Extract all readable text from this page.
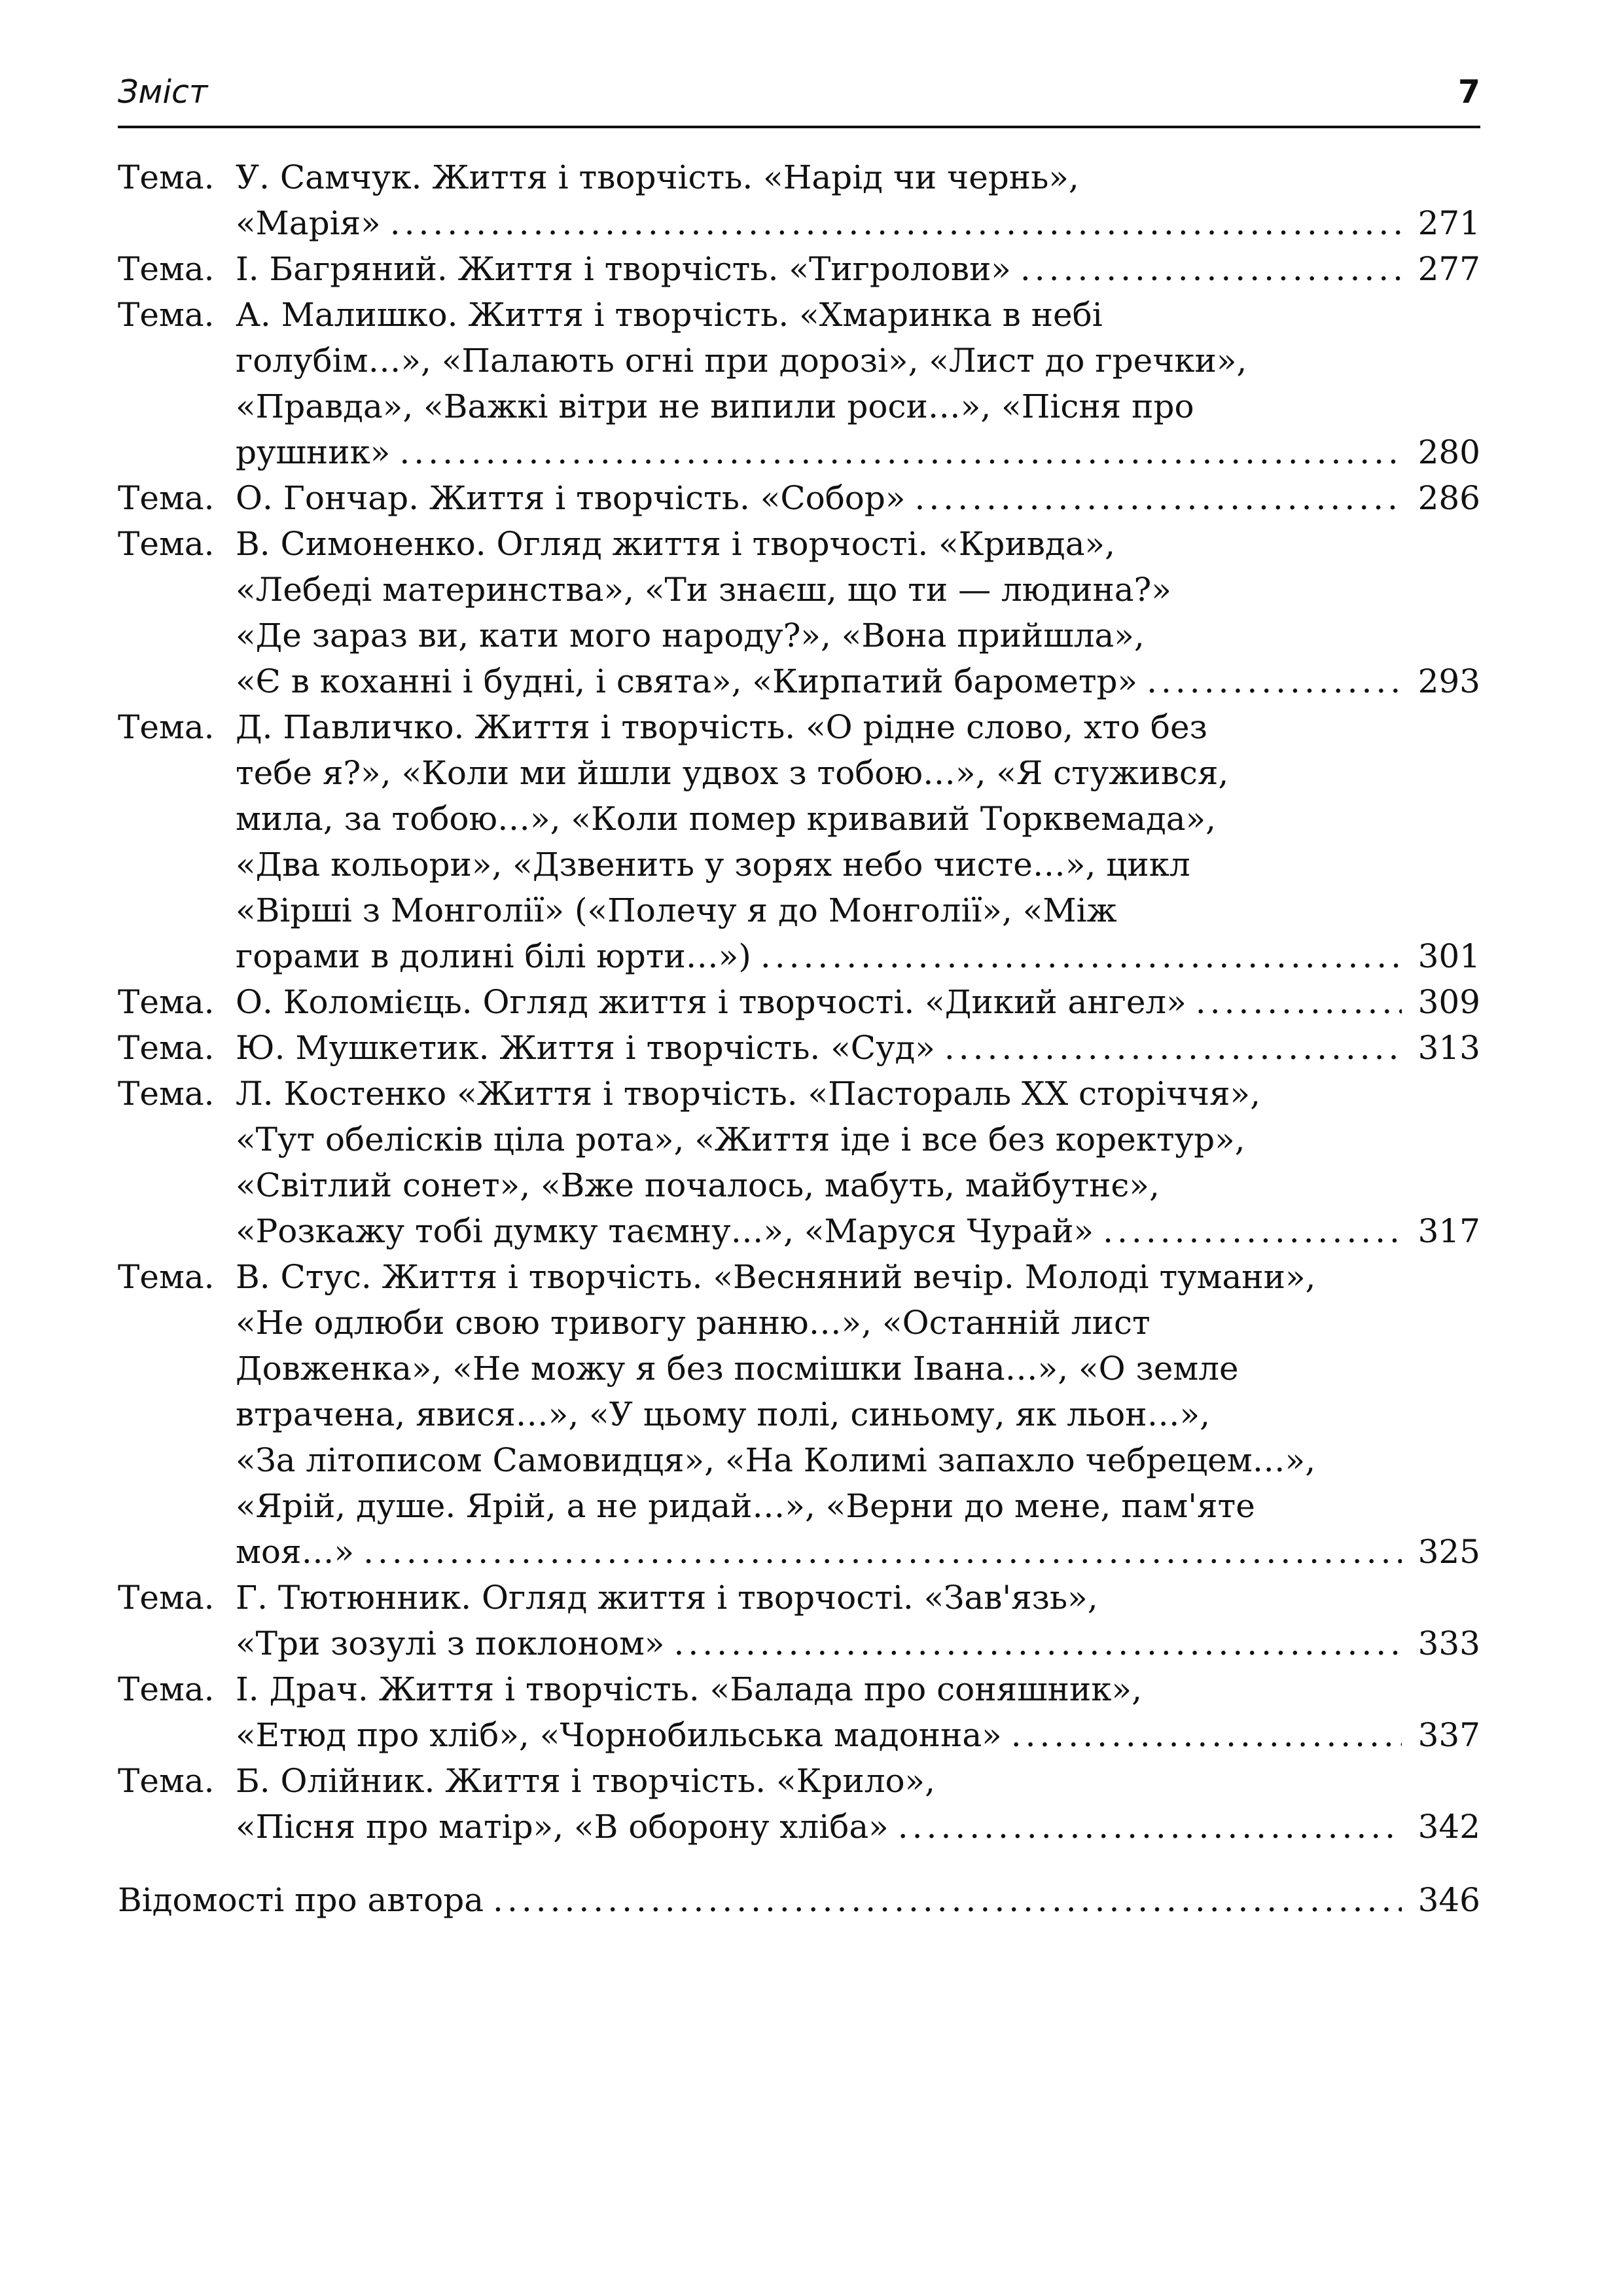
Зміст	7
Тема. У. Самчук. Життя і творчість. «Нарід чи чернь»,
«Марія» .....	271
Тема. І. Багряний. Життя і творчість. «Тигролови» .....	277
Тема. А. Малишко. Життя і творчість. «Хмаринка в небі
голубім…», «Палають огні при дорозі», «Лист до гречки»,
«Правда», «Важкі вітри не випили роси…», «Пісня про
рушник» .....	280
Тема. О. Гончар. Життя і творчість. «Собор» .....	286
Тема. В. Симоненко. Огляд життя і творчості. «Кривда»,
«Лебеді материнства», «Ти знаєш, що ти — людина?»
«Де зараз ви, кати мого народу?», «Вона прийшла»,
«Є в коханні і будні, і свята», «Кирпатий барометр» .....	293
Тема. Д. Павличко. Життя і творчість. «О рідне слово, хто без
тебе я?», «Коли ми йшли удвох з тобою…», «Я стужився,
мила, за тобою…», «Коли помер кривавий Торквемада»,
«Два кольори», «Дзвенить у зорях небо чисте…», цикл
«Вірші з Монголії» («Полечу я до Монголії», «Між
горами в долині білі юрти…») .....	301
Тема. О. Коломієць. Огляд життя і творчості. «Дикий ангел» .....	309
Тема. Ю. Мушкетик. Життя і творчість. «Суд» .....	313
Тема. Л. Костенко «Життя і творчість. «Пасторaль XX сторіччя»,
«Тут обелісків ціла рота», «Життя іде і все без коректур»,
«Світлий сонет», «Вже почалось, мабуть, майбутнє»,
«Розкажу тобі думку таємну…», «Маруся Чурай» .....	317
Тема. В. Стус. Життя і творчість. «Весняний вечір. Молоді тумани»,
«Не одлюби свою тривогу ранню…», «Останній лист
Довженка», «Не можу я без посмішки Івана…», «О земле
втрачена, явися…», «У цьому полі, синьому, як льон…»,
«За літописом Самовидця», «На Колимі запахло чебрецем…»,
«Ярій, душе. Ярій, а не ридай…», «Верни до мене, пам'яте
моя…» .....	325
Тема. Г. Тютюнник. Огляд життя і творчості. «Зав'язь»,
«Три зозулі з поклоном» .....	333
Тема. І. Драч. Життя і творчість. «Балада про соняшник»,
«Етюд про хліб», «Чорнобильська мадонна» .....	337
Тема. Б. Олійник. Життя і творчість. «Крило»,
«Пісня про матір», «В оборону хліба» .....	342
Відомості про автора .....	346
